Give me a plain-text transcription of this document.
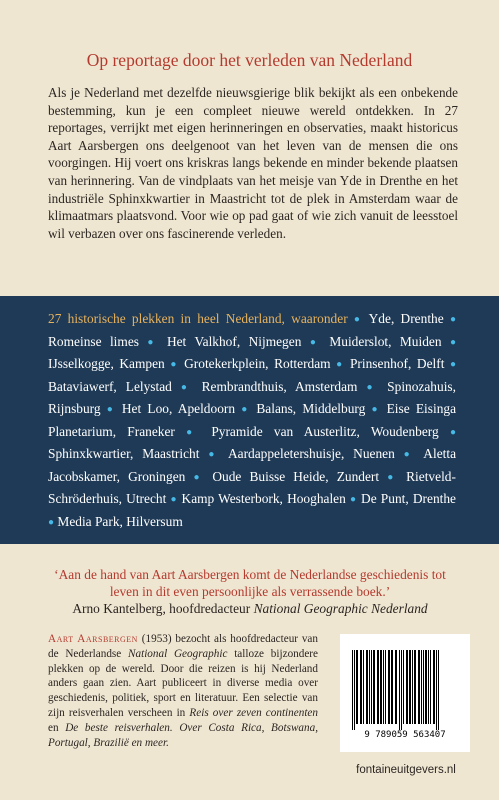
Op reportage door het verleden van Nederland
Als je Nederland met dezelfde nieuwsgierige blik bekijkt als een onbekende bestemming, kun je een compleet nieuwe wereld ontdekken. In 27 reportages, verrijkt met eigen herinneringen en observaties, maakt historicus Aart Aarsbergen ons deelgenoot van het leven van de mensen die ons voorgingen. Hij voert ons kriskras langs bekende en minder bekende plaatsen van herinnering. Van de vindplaats van het meisje van Yde in Drenthe en het industriële Sphinxkwartier in Maastricht tot de plek in Amsterdam waar de klimaatmars plaatsvond. Voor wie op pad gaat of wie zich vanuit de leesstoel wil verbazen over ons fascinerende verleden.
27 historische plekken in heel Nederland, waaronder ● Yde, Drenthe ● Romeinse limes ● Het Valkhof, Nijmegen ● Muiderslot, Muiden ● IJsselkogge, Kampen ● Grotekerkplein, Rotterdam ● Prinsenhof, Delft ● Bataviawerf, Lelystad ● Rembrandthuis, Amsterdam ● Spinozahuis, Rijnsburg ● Het Loo, Apeldoorn ● Balans, Middelburg ● Eise Eisinga Planetarium, Franeker ● Pyramide van Austerlitz, Woudenberg ● Sphinxkwartier, Maastricht ● Aardappeletershuisje, Nuenen ● Aletta Jacobskamer, Groningen ● Oude Buisse Heide, Zundert ● Rietveld-Schröderhuis, Utrecht ● Kamp Westerbork, Hooghalen ● De Punt, Drenthe ● Media Park, Hilversum
‘Aan de hand van Aart Aarsbergen komt de Nederlandse geschiedenis tot leven in dit even persoonlijke als verrassende boek.’
Arno Kantelberg, hoofdredacteur National Geographic Nederland
Aart Aarsbergen (1953) bezocht als hoofdredacteur van de Nederlandse National Geographic talloze bijzondere plekken op de wereld. Door die reizen is hij Nederland anders gaan zien. Aart publiceert in diverse media over geschiedenis, politiek, sport en literatuur. Een selectie van zijn reisverhalen verscheen in Reis over zeven continenten en De beste reisverhalen. Over Costa Rica, Botswana, Portugal, Brazilië en meer.
9 789059 563407
fontaineuitgevers.nl
